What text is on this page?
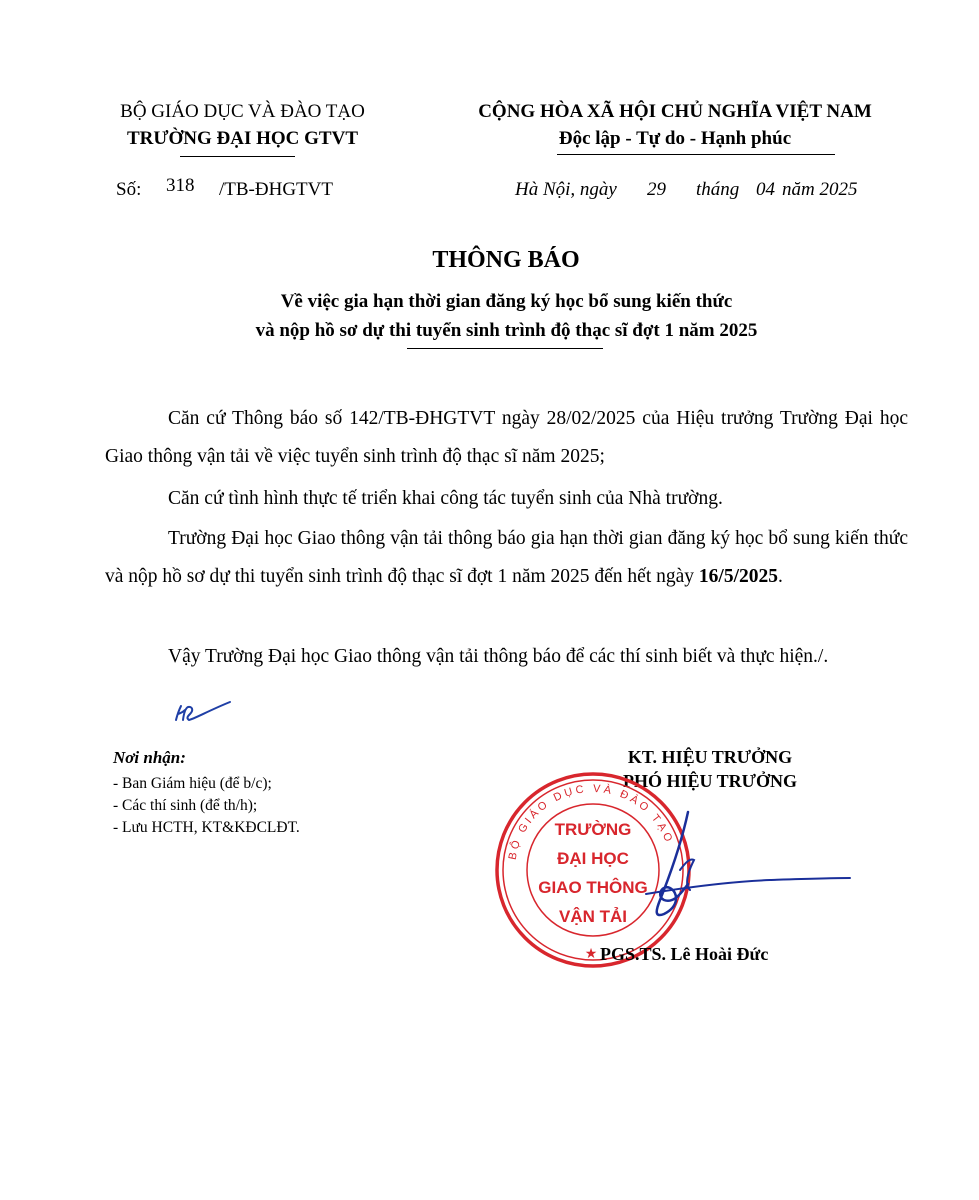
BỘ GIÁO DỤC VÀ ĐÀO TẠO
TRƯỜNG ĐẠI HỌC GTVT
CỘNG HÒA XÃ HỘI CHỦ NGHĨA VIỆT NAM
Độc lập - Tự do - Hạnh phúc
Số: 318 /TB-ĐHGTVT	Hà Nội, ngày 29 tháng 04 năm 2025
THÔNG BÁO
Về việc gia hạn thời gian đăng ký học bổ sung kiến thức
và nộp hồ sơ dự thi tuyển sinh trình độ thạc sĩ đợt 1 năm 2025
Căn cứ Thông báo số 142/TB-ĐHGTVT ngày 28/02/2025 của Hiệu trưởng Trường Đại học Giao thông vận tải về việc tuyển sinh trình độ thạc sĩ năm 2025;
Căn cứ tình hình thực tế triển khai công tác tuyển sinh của Nhà trường.
Trường Đại học Giao thông vận tải thông báo gia hạn thời gian đăng ký học bổ sung kiến thức và nộp hồ sơ dự thi tuyển sinh trình độ thạc sĩ đợt 1 năm 2025 đến hết ngày 16/5/2025.
Vậy Trường Đại học Giao thông vận tải thông báo để các thí sinh biết và thực hiện./.
Nơi nhận:
- Ban Giám hiệu (để b/c);
- Các thí sinh (để th/h);
- Lưu HCTH, KT&KĐCLĐT.
KT. HIỆU TRƯỞNG
PHÓ HIỆU TRƯỞNG
BỘ GIÁO DỤC VÀ ĐÀO TẠO
TRƯỜNG
ĐẠI HỌC
GIAO THÔNG
VẬN TẢI
★ PGS.TS. Lê Hoài Đức
